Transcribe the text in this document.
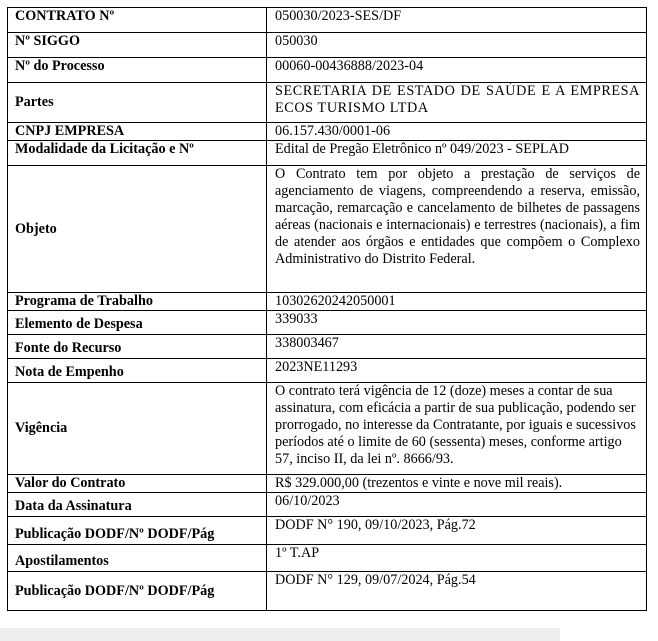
CONTRATO Nº	050030/2023-SES/DF
Nº SIGGO	050030
Nº do Processo	00060-00436888/2023-04
Partes	SECRETARIA DE ESTADO DE SAÚDE E A EMPRESA ECOS TURISMO LTDA
CNPJ EMPRESA	06.157.430/0001-06
Modalidade da Licitação e Nº	Edital de Pregão Eletrônico nº 049/2023 - SEPLAD
Objeto	O Contrato tem por objeto a prestação de serviços de agenciamento de viagens, compreendendo a reserva, emissão, marcação, remarcação e cancelamento de bilhetes de passagens aéreas (nacionais e internacionais) e terrestres (nacionais), a fim de atender aos órgãos e entidades que compõem o Complexo Administrativo do Distrito Federal.
Programa de Trabalho	10302620242050001
Elemento de Despesa	339033
Fonte do Recurso	338003467
Nota de Empenho	2023NE11293
Vigência	O contrato terá vigência de 12 (doze) meses a contar de sua assinatura, com eficácia a partir de sua publicação, podendo ser prorrogado, no interesse da Contratante, por iguais e sucessivos períodos até o limite de 60 (sessenta) meses, conforme artigo 57, inciso II, da lei nº. 8666/93.
Valor do Contrato	R$ 329.000,00 (trezentos e vinte e nove mil reais).
Data da Assinatura	06/10/2023
Publicação DODF/Nº DODF/Pág	DODF N° 190, 09/10/2023, Pág.72
Apostilamentos	1º T.AP
Publicação DODF/Nº DODF/Pág	DODF N° 129, 09/07/2024, Pág.54
